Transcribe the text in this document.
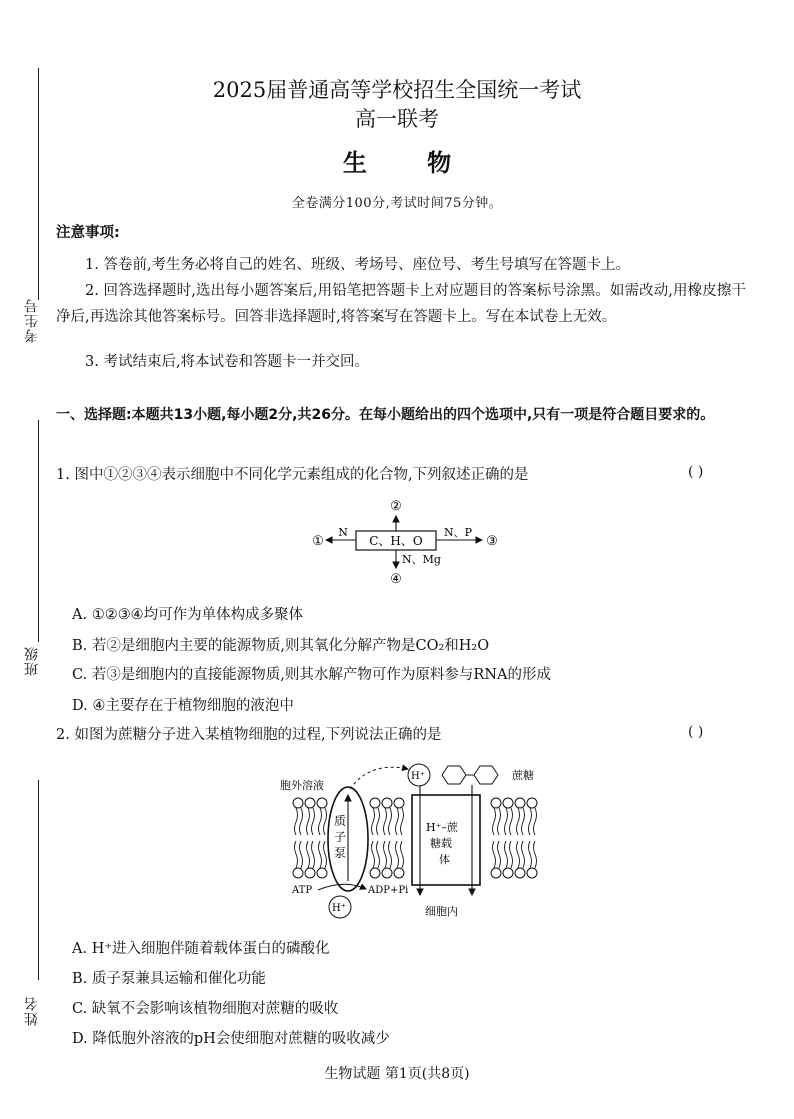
考生号
班级
姓名
2025届普通高等学校招生全国统一考试
高一联考
生 物
全卷满分100分,考试时间75分钟。
注意事项:
1. 答卷前,考生务必将自己的姓名、班级、考场号、座位号、考生号填写在答题卡上。
2. 回答选择题时,选出每小题答案后,用铅笔把答题卡上对应题目的答案标号涂黑。如需改动,用橡皮擦干净后,再选涂其他答案标号。回答非选择题时,将答案写在答题卡上。写在本试卷上无效。
3. 考试结束后,将本试卷和答题卡一并交回。
一、选择题:本题共13小题,每小题2分,共26分。在每小题给出的四个选项中,只有一项是符合题目要求的。
1. 图中①②③④表示细胞中不同化学元素组成的化合物,下列叙述正确的是	( )
C、H、O
②
N
①
N、P
③
N、Mg
④
A. ①②③④均可作为单体构成多聚体
B. 若②是细胞内主要的能源物质,则其氧化分解产物是CO₂和H₂O
C. 若③是细胞内的直接能源物质,则其水解产物可作为原料参与RNA的形成
D. ④主要存在于植物细胞的液泡中
2. 如图为蔗糖分子进入某植物细胞的过程,下列说法正确的是	( )
质
子
泵
胞外溶液
ATP	ADP+Pi
H⁺
H⁺–蔗
糖载
体
细胞内
H⁺	蔗糖
A. H⁺进入细胞伴随着载体蛋白的磷酸化
B. 质子泵兼具运输和催化功能
C. 缺氧不会影响该植物细胞对蔗糖的吸收
D. 降低胞外溶液的pH会使细胞对蔗糖的吸收减少
生物试题 第1页(共8页)
